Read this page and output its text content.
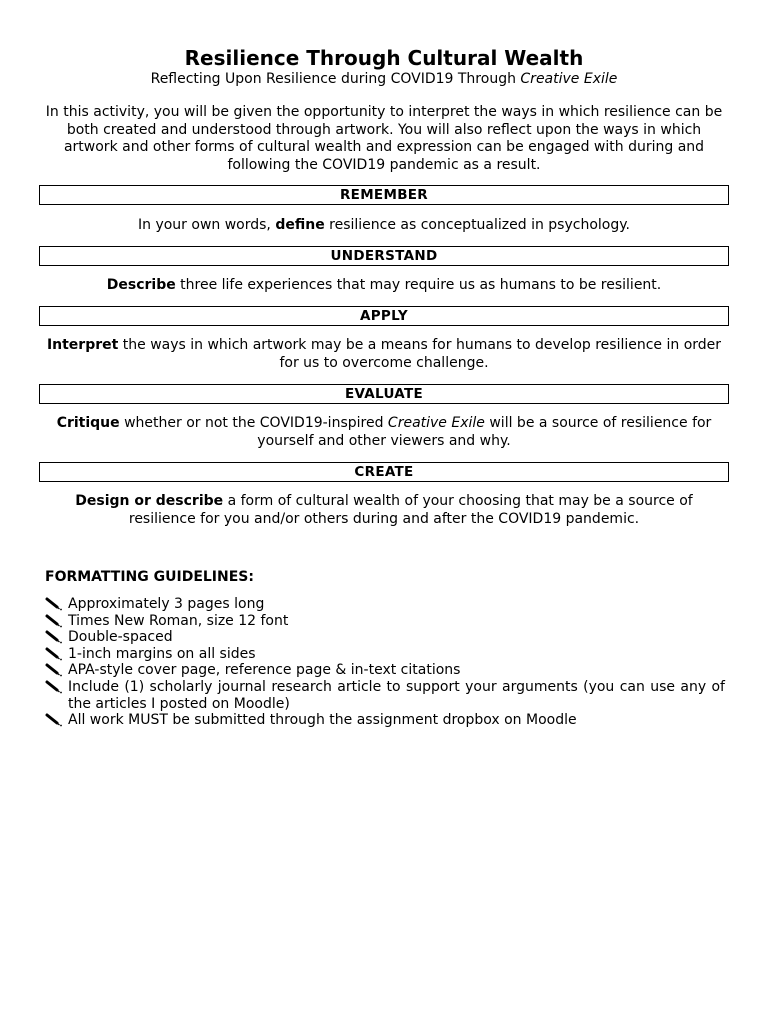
Resilience Through Cultural Wealth
Reflecting Upon Resilience during COVID19 Through Creative Exile
In this activity, you will be given the opportunity to interpret the ways in which resilience can be both created and understood through artwork. You will also reflect upon the ways in which artwork and other forms of cultural wealth and expression can be engaged with during and following the COVID19 pandemic as a result.
REMEMBER
In your own words, define resilience as conceptualized in psychology.
UNDERSTAND
Describe three life experiences that may require us as humans to be resilient.
APPLY
Interpret the ways in which artwork may be a means for humans to develop resilience in order for us to overcome challenge.
EVALUATE
Critique whether or not the COVID19-inspired Creative Exile will be a source of resilience for yourself and other viewers and why.
CREATE
Design or describe a form of cultural wealth of your choosing that may be a source of resilience for you and/or others during and after the COVID19 pandemic.
FORMATTING GUIDELINES:
Approximately 3 pages long
Times New Roman, size 12 font
Double-spaced
1-inch margins on all sides
APA-style cover page, reference page & in-text citations
Include (1) scholarly journal research article to support your arguments (you can use any of the articles I posted on Moodle)
All work MUST be submitted through the assignment dropbox on Moodle
